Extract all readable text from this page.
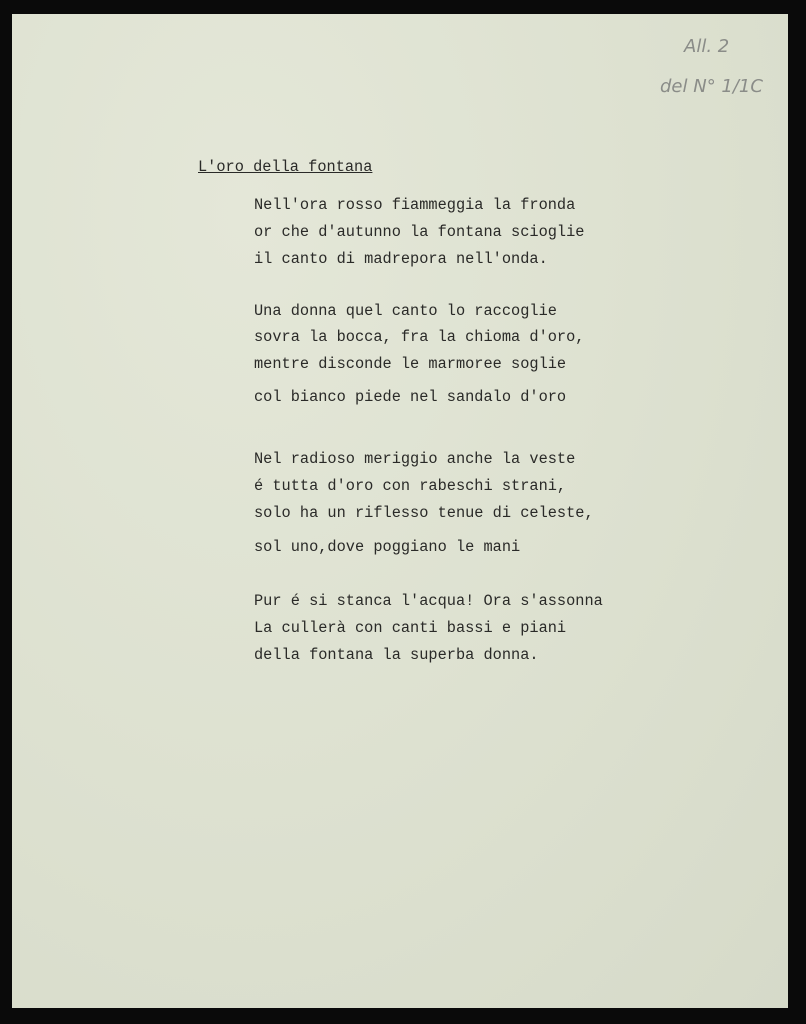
All. 2
del N° 1/1C
L'oro della fontana
Nell'ora rosso fiammeggia la fronda
or che d'autunno la fontana scioglie
il canto di madrepora nell'onda.
Una donna quel canto lo raccoglie
sovra la bocca, fra la chioma d'oro,
mentre disconde le marmoree soglie
col bianco piede nel sandalo d'oro
Nel radioso meriggio anche la veste
é tutta d'oro con rabeschi strani,
solo ha un riflesso tenue di celeste,
sol uno,dove poggiano le mani
Pur é si stanca l'acqua! Ora s'assonna
La cullerà con canti bassi e piani
della fontana la superba donna.
